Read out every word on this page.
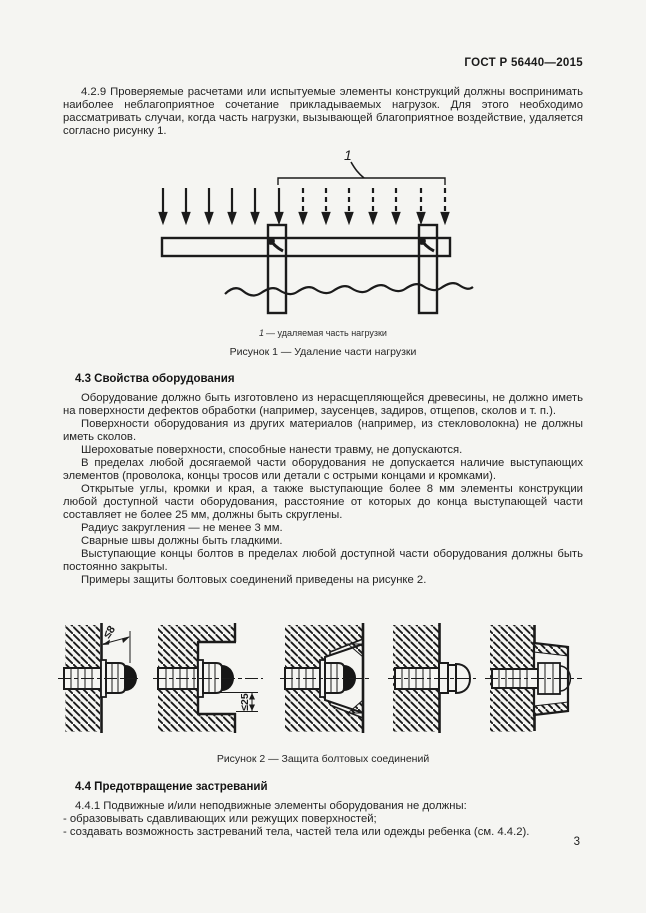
ГОСТ Р 56440—2015

4.2.9 Проверяемые расчетами или испытуемые элементы конструкций должны воспринимать наиболее неблагоприятное сочетание прикладываемых нагрузок. Для этого необходимо рассматривать случаи, когда часть нагрузки, вызывающей благоприятное воздействие, удаляется согласно рисунку 1.

1
1 — удаляемая часть нагрузки
Рисунок 1 — Удаление части нагрузки
4.3 Свойства оборудования

Оборудование должно быть изготовлено из нерасщепляющейся древесины, не должно иметь на поверхности дефектов обработки (например, заусенцев, задиров, отщепов, сколов и т. п.).

Поверхности оборудования из других материалов (например, из стекловолокна) не должны иметь сколов.

Шероховатые поверхности, способные нанести травму, не допускаются.

В пределах любой досягаемой части оборудования не допускается наличие выступающих элементов (проволока, концы тросов или детали с острыми концами и кромками).

Открытые углы, кромки и края, а также выступающие более 8 мм элементы конструкции любой доступной части оборудования, расстояние от которых до конца выступающей части составляет не более 25 мм, должны быть скруглены.

Радиус закругления — не менее 3 мм.

Сварные швы должны быть гладкими.

Выступающие концы болтов в пределах любой доступной части оборудования должны быть постоянно закрыты.

Примеры защиты болтовых соединений приведены на рисунке 2.

≤8
≤25
Рисунок 2 — Защита болтовых соединений
4.4 Предотвращение застреваний

4.4.1 Подвижные и/или неподвижные элементы оборудования не должны:

- образовывать сдавливающих или режущих поверхностей;

- создавать возможность застреваний тела, частей тела или одежды ребенка (см. 4.4.2).

3
